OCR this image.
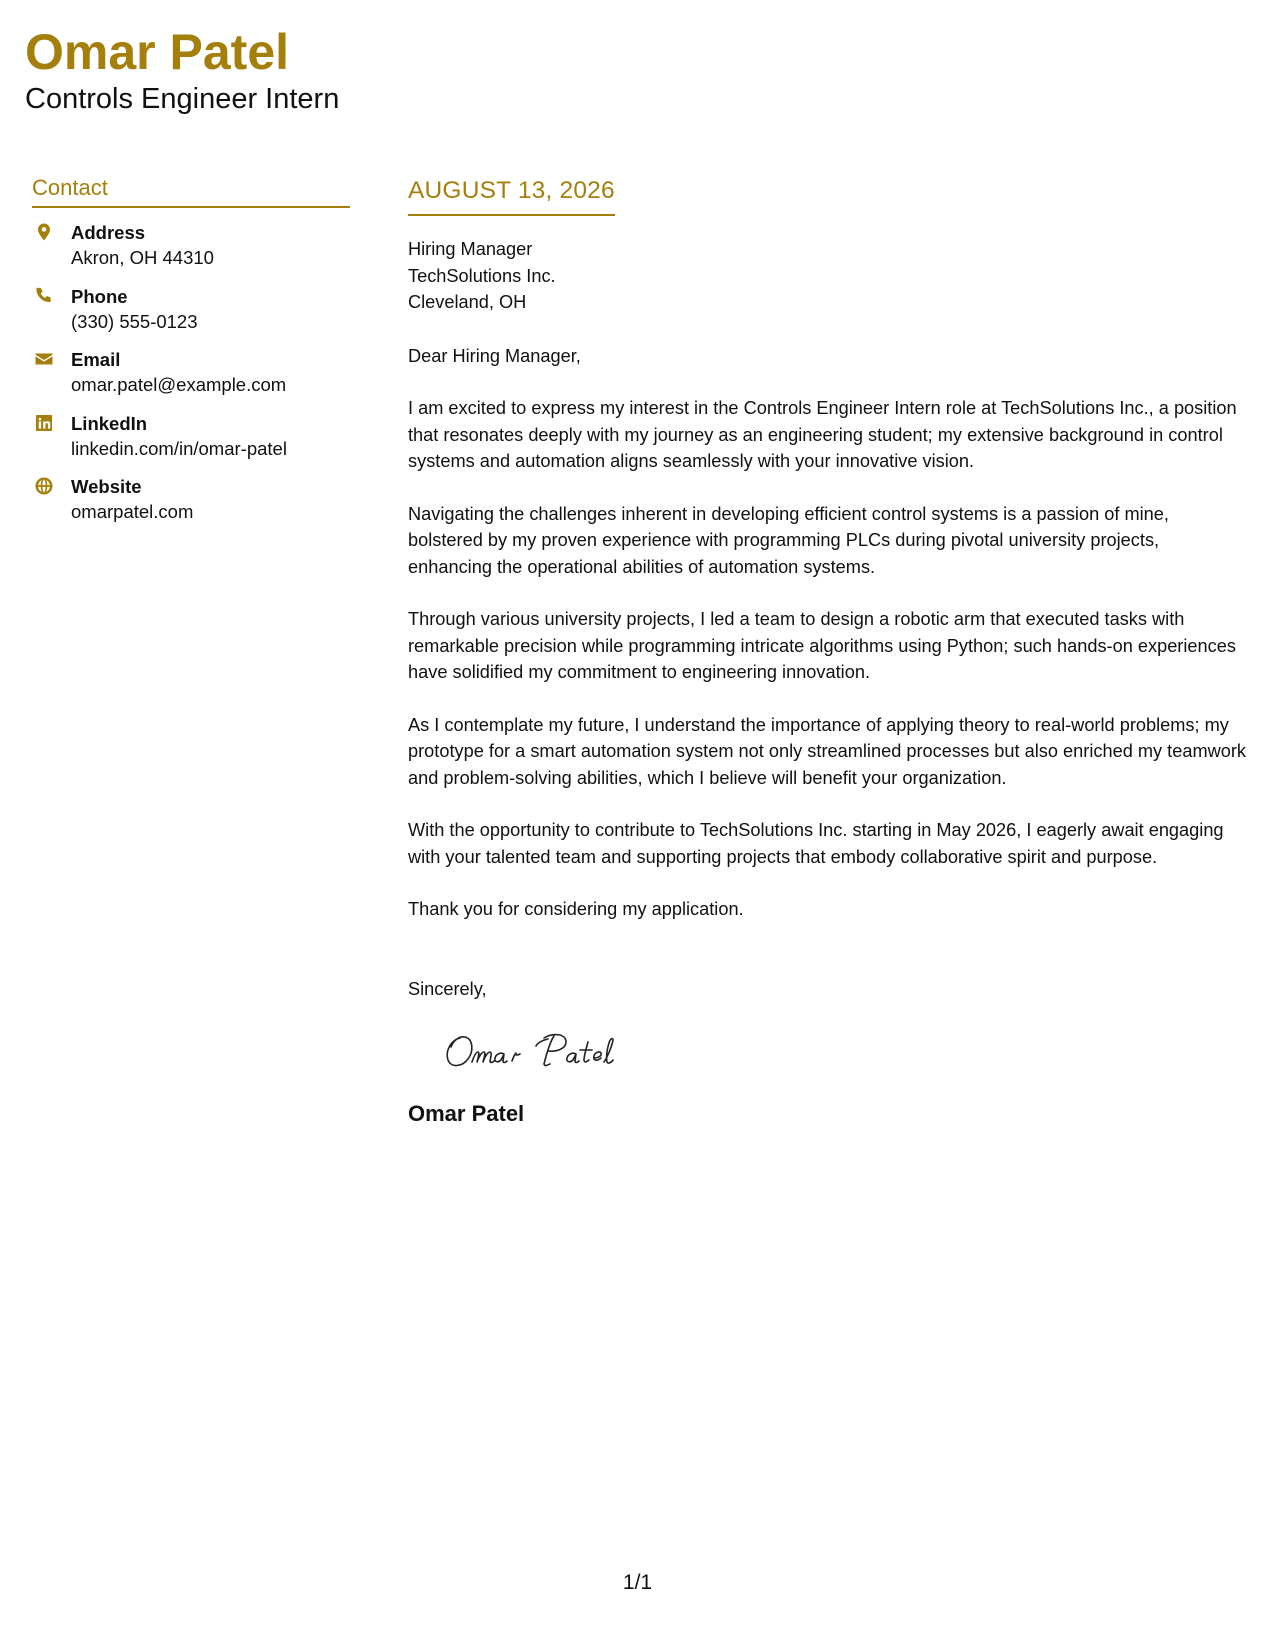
Omar Patel
Controls Engineer Intern
Contact
Address
Akron, OH 44310
Phone
(330) 555-0123
Email
omar.patel@example.com
LinkedIn
linkedin.com/in/omar-patel
Website
omarpatel.com
AUGUST 13, 2026
Hiring Manager
TechSolutions Inc.
Cleveland, OH
Dear Hiring Manager,
I am excited to express my interest in the Controls Engineer Intern role at TechSolutions Inc., a position that resonates deeply with my journey as an engineering student; my extensive background in control systems and automation aligns seamlessly with your innovative vision.
Navigating the challenges inherent in developing efficient control systems is a passion of mine, bolstered by my proven experience with programming PLCs during pivotal university projects, enhancing the operational abilities of automation systems.
Through various university projects, I led a team to design a robotic arm that executed tasks with remarkable precision while programming intricate algorithms using Python; such hands-on experiences have solidified my commitment to engineering innovation.
As I contemplate my future, I understand the importance of applying theory to real-world problems; my prototype for a smart automation system not only streamlined processes but also enriched my teamwork and problem-solving abilities, which I believe will benefit your organization.
With the opportunity to contribute to TechSolutions Inc. starting in May 2026, I eagerly await engaging with your talented team and supporting projects that embody collaborative spirit and purpose.
Thank you for considering my application.
Sincerely,
Omar Patel
1/1
